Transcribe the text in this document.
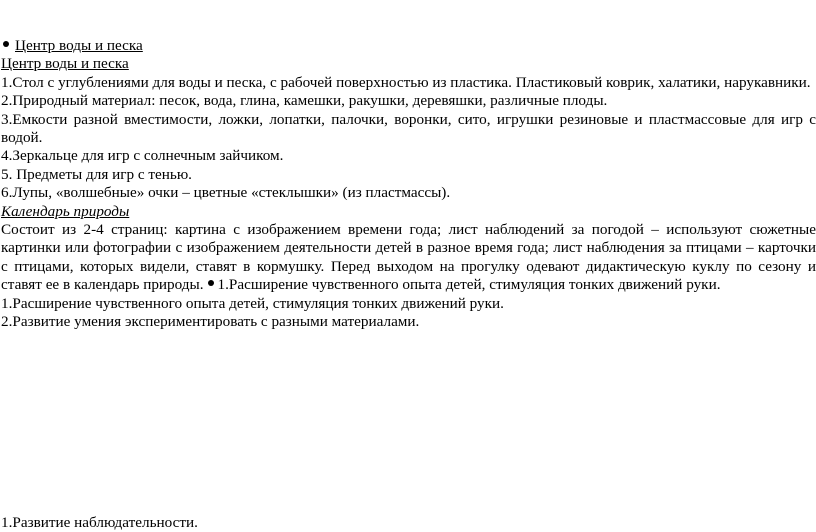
Центр воды и песка

Центр воды и песка

1.Стол с углублениями для воды и песка, с рабочей поверхностью из пластика. Пластиковый коврик, халатики, нарукавники.

2.Природный материал: песок, вода, глина, камешки, ракушки, деревяшки, различные плоды.

3.Емкости разной вместимости, ложки, лопатки, палочки, воронки, сито, игрушки резиновые и пластмассовые для игр с водой.

4.Зеркальце для игр с солнечным зайчиком.

5. Предметы для игр с тенью.

6.Лупы, «волшебные» очки – цветные «стеклышки» (из пластмассы).

Календарь природы

Состоит из 2-4 страниц: картина с изображением времени года; лист наблюдений за погодой – используют сюжетные картинки или фотографии с изображением деятельности детей в разное время года; лист наблюдения за птицами – карточки с птицами, которых видели, ставят в кормушку. Перед выходом на прогулку одевают дидактическую куклу по сезону и ставят ее в календарь природы. 1.Расширение чувственного опыта детей, стимуляция тонких движений руки.

1.Расширение чувственного опыта детей, стимуляция тонких движений руки.

2.Развитие умения экспериментировать с разными материалами.

1.Развитие наблюдательности.
